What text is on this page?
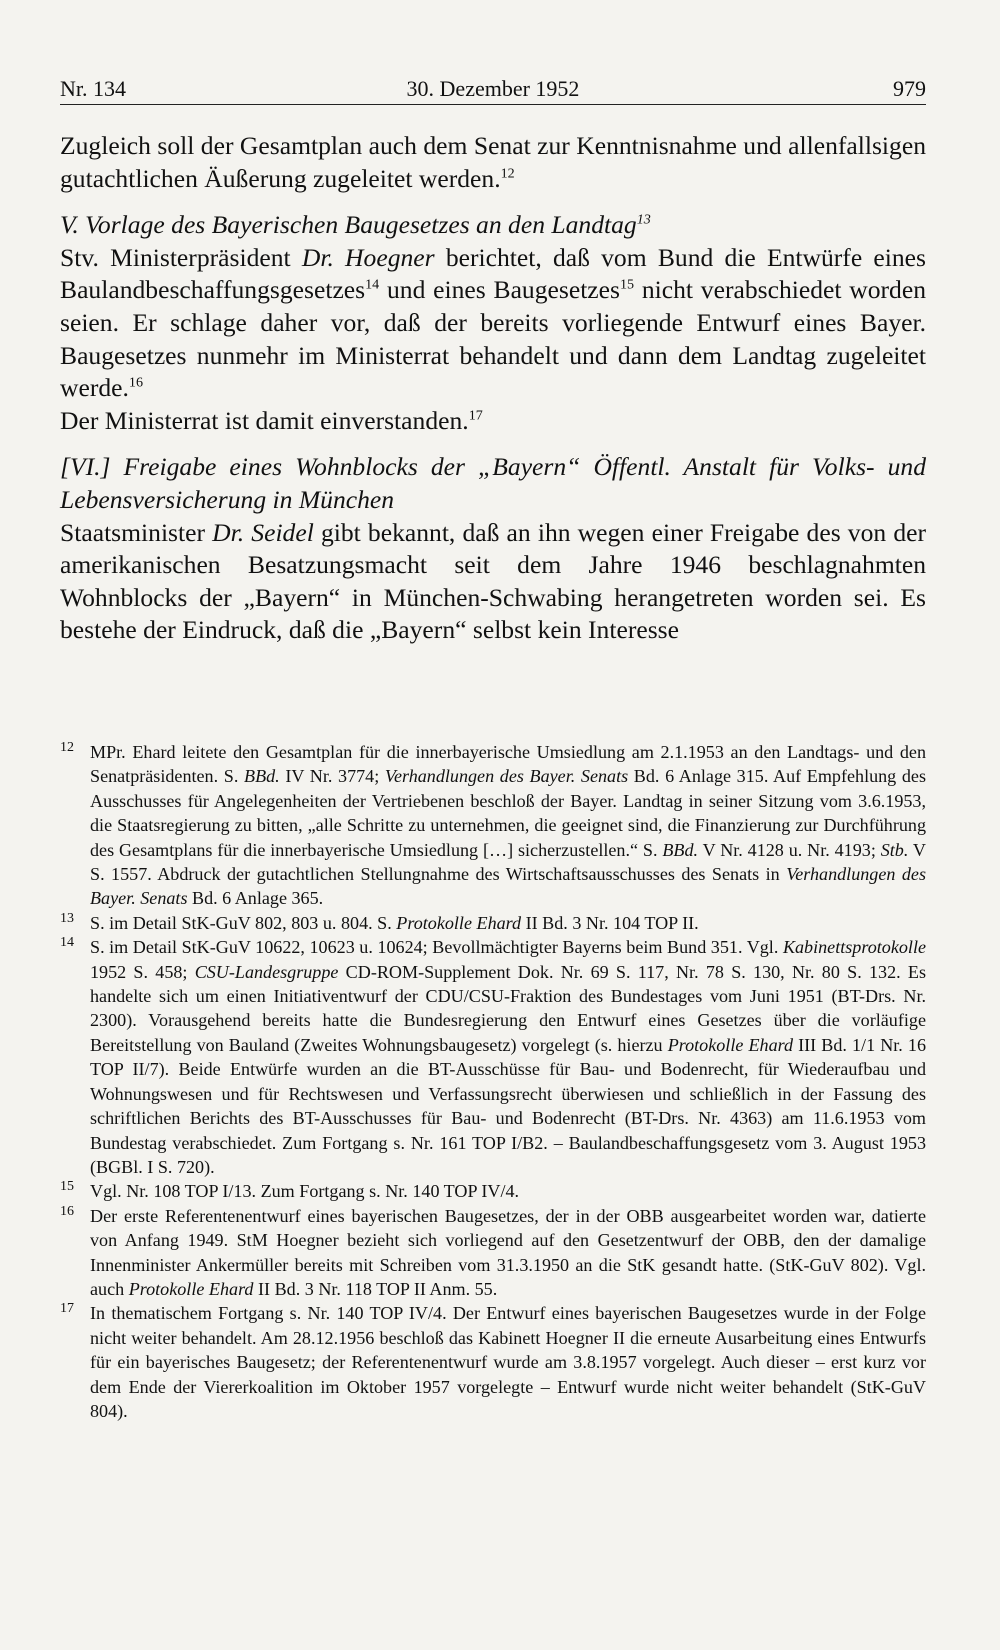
Nr. 134	30. Dezember 1952	979

Zugleich soll der Gesamtplan auch dem Senat zur Kenntnisnahme und allenfallsigen gutachtlichen Äußerung zugeleitet werden.$^{12}$

V. Vorlage des Bayerischen Baugesetzes an den Landtag$^{13}$

Stv. Ministerpräsident Dr. Hoegner berichtet, daß vom Bund die Entwürfe eines Baulandbeschaffungsgesetzes$^{14}$ und eines Baugesetzes$^{15}$ nicht verabschiedet worden seien. Er schlage daher vor, daß der bereits vorliegende Entwurf eines Bayer. Baugesetzes nunmehr im Ministerrat behandelt und dann dem Landtag zugeleitet werde.$^{16}$

Der Ministerrat ist damit einverstanden.$^{17}$

[VI.] Freigabe eines Wohnblocks der „Bayern“ Öffentl. Anstalt für Volks- und Lebensversicherung in München

Staatsminister Dr. Seidel gibt bekannt, daß an ihn wegen einer Freigabe des von der amerikanischen Besatzungsmacht seit dem Jahre 1946 beschlagnahmten Wohnblocks der „Bayern“ in München-Schwabing herangetreten worden sei. Es bestehe der Eindruck, daß die „Bayern“ selbst kein Interesse

12 MPr. Ehard leitete den Gesamtplan für die innerbayerische Umsiedlung am 2.1.1953 an den Landtags- und den Senatpräsidenten. S. BBd. IV Nr. 3774; Verhandlungen des Bayer. Senats Bd. 6 Anlage 315. Auf Empfehlung des Ausschusses für Angelegenheiten der Vertriebenen beschloß der Bayer. Landtag in seiner Sitzung vom 3.6.1953, die Staatsregierung zu bitten, „alle Schritte zu unternehmen, die geeignet sind, die Finanzierung zur Durchführung des Gesamtplans für die innerbayerische Umsiedlung […] sicherzustellen.“ S. BBd. V Nr. 4128 u. Nr. 4193; Stb. V S. 1557. Abdruck der gutachtlichen Stellungnahme des Wirtschaftsausschusses des Senats in Verhandlungen des Bayer. Senats Bd. 6 Anlage 365.
13 S. im Detail StK-GuV 802, 803 u. 804. S. Protokolle Ehard II Bd. 3 Nr. 104 TOP II.
14 S. im Detail StK-GuV 10622, 10623 u. 10624; Bevollmächtigter Bayerns beim Bund 351. Vgl. Kabinettsprotokolle 1952 S. 458; CSU-Landesgruppe CD-ROM-Supplement Dok. Nr. 69 S. 117, Nr. 78 S. 130, Nr. 80 S. 132. Es handelte sich um einen Initiativentwurf der CDU/CSU-Fraktion des Bundestages vom Juni 1951 (BT-Drs. Nr. 2300). Vorausgehend bereits hatte die Bundesregierung den Entwurf eines Gesetzes über die vorläufige Bereitstellung von Bauland (Zweites Wohnungsbaugesetz) vorgelegt (s. hierzu Protokolle Ehard III Bd. 1/1 Nr. 16 TOP II/7). Beide Entwürfe wurden an die BT-Ausschüsse für Bau- und Bodenrecht, für Wiederaufbau und Wohnungswesen und für Rechtswesen und Verfassungsrecht überwiesen und schließlich in der Fassung des schriftlichen Berichts des BT-Ausschusses für Bau- und Bodenrecht (BT-Drs. Nr. 4363) am 11.6.1953 vom Bundestag verabschiedet. Zum Fortgang s. Nr. 161 TOP I/B2. – Baulandbeschaffungsgesetz vom 3. August 1953 (BGBl. I S. 720).
15 Vgl. Nr. 108 TOP I/13. Zum Fortgang s. Nr. 140 TOP IV/4.
16 Der erste Referentenentwurf eines bayerischen Baugesetzes, der in der OBB ausgearbeitet worden war, datierte von Anfang 1949. StM Hoegner bezieht sich vorliegend auf den Gesetzentwurf der OBB, den der damalige Innenminister Ankermüller bereits mit Schreiben vom 31.3.1950 an die StK gesandt hatte. (StK-GuV 802). Vgl. auch Protokolle Ehard II Bd. 3 Nr. 118 TOP II Anm. 55.
17 In thematischem Fortgang s. Nr. 140 TOP IV/4. Der Entwurf eines bayerischen Baugesetzes wurde in der Folge nicht weiter behandelt. Am 28.12.1956 beschloß das Kabinett Hoegner II die erneute Ausarbeitung eines Entwurfs für ein bayerisches Baugesetz; der Referentenentwurf wurde am 3.8.1957 vorgelegt. Auch dieser – erst kurz vor dem Ende der Viererkoalition im Oktober 1957 vorgelegte – Entwurf wurde nicht weiter behandelt (StK-GuV 804).
